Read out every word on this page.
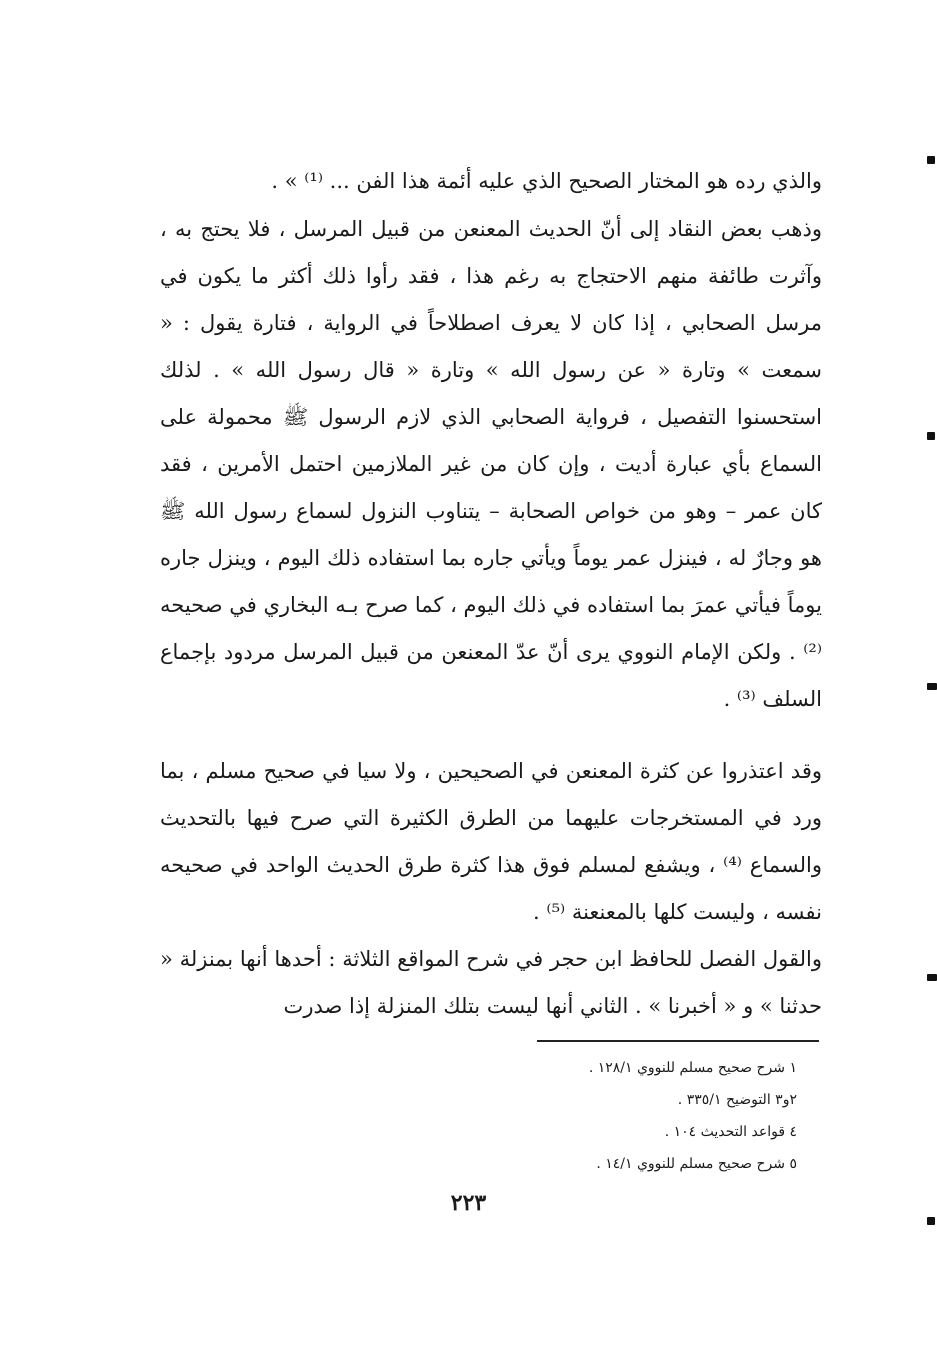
والذي رده هو المختار الصحيح الذي عليه أئمة هذا الفن ... ⁽¹⁾ » .

وذهب بعض النقاد إلى أنّ الحديث المعنعن من قبيل المرسل ، فلا يحتج به ، وآثرت طائفة منهم الاحتجاج به رغم هذا ، فقد رأوا ذلك أكثر ما يكون في مرسل الصحابي ، إذا كان لا يعرف اصطلاحاً في الرواية ، فتارة يقول : « سمعت » وتارة « عن رسول الله » وتارة « قال رسول الله » . لذلك استحسنوا التفصيل ، فرواية الصحابي الذي لازم الرسول ﷺ محمولة على السماع بأي عبارة أديت ، وإن كان من غير الملازمين احتمل الأمرين ، فقد كان عمر – وهو من خواص الصحابة – يتناوب النزول لسماع رسول الله ﷺ هو وجارٌ له ، فينزل عمر يوماً ويأتي جاره بما استفاده ذلك اليوم ، وينزل جاره يوماً فيأتي عمرَ بما استفاده في ذلك اليوم ، كما صرح بـه البخاري في صحيحه ⁽²⁾ . ولكن الإمام النووي يرى أنّ عدّ المعنعن من قبيل المرسل مردود بإجماع السلف ⁽³⁾ .

وقد اعتذروا عن كثرة المعنعن في الصحيحين ، ولا سيا في صحيح مسلم ، بما ورد في المستخرجات عليهما من الطرق الكثيرة التي صرح فيها بالتحديث والسماع ⁽⁴⁾ ، ويشفع لمسلم فوق هذا كثرة طرق الحديث الواحد في صحيحه نفسه ، وليست كلها بالمعنعنة ⁽⁵⁾ .

والقول الفصل للحافظ ابن حجر في شرح المواقع الثلاثة : أحدها أنها بمنزلة « حدثنا » و « أخبرنا » . الثاني أنها ليست بتلك المنزلة إذا صدرت

١ شرح صحيح مسلم للنووي ١٢٨/١ .
٢و٣ التوضيح ٣٣٥/١ .
٤ قواعد التحديث ١٠٤ .
٥ شرح صحيح مسلم للنووي ١٤/١ .
٢٢٣
